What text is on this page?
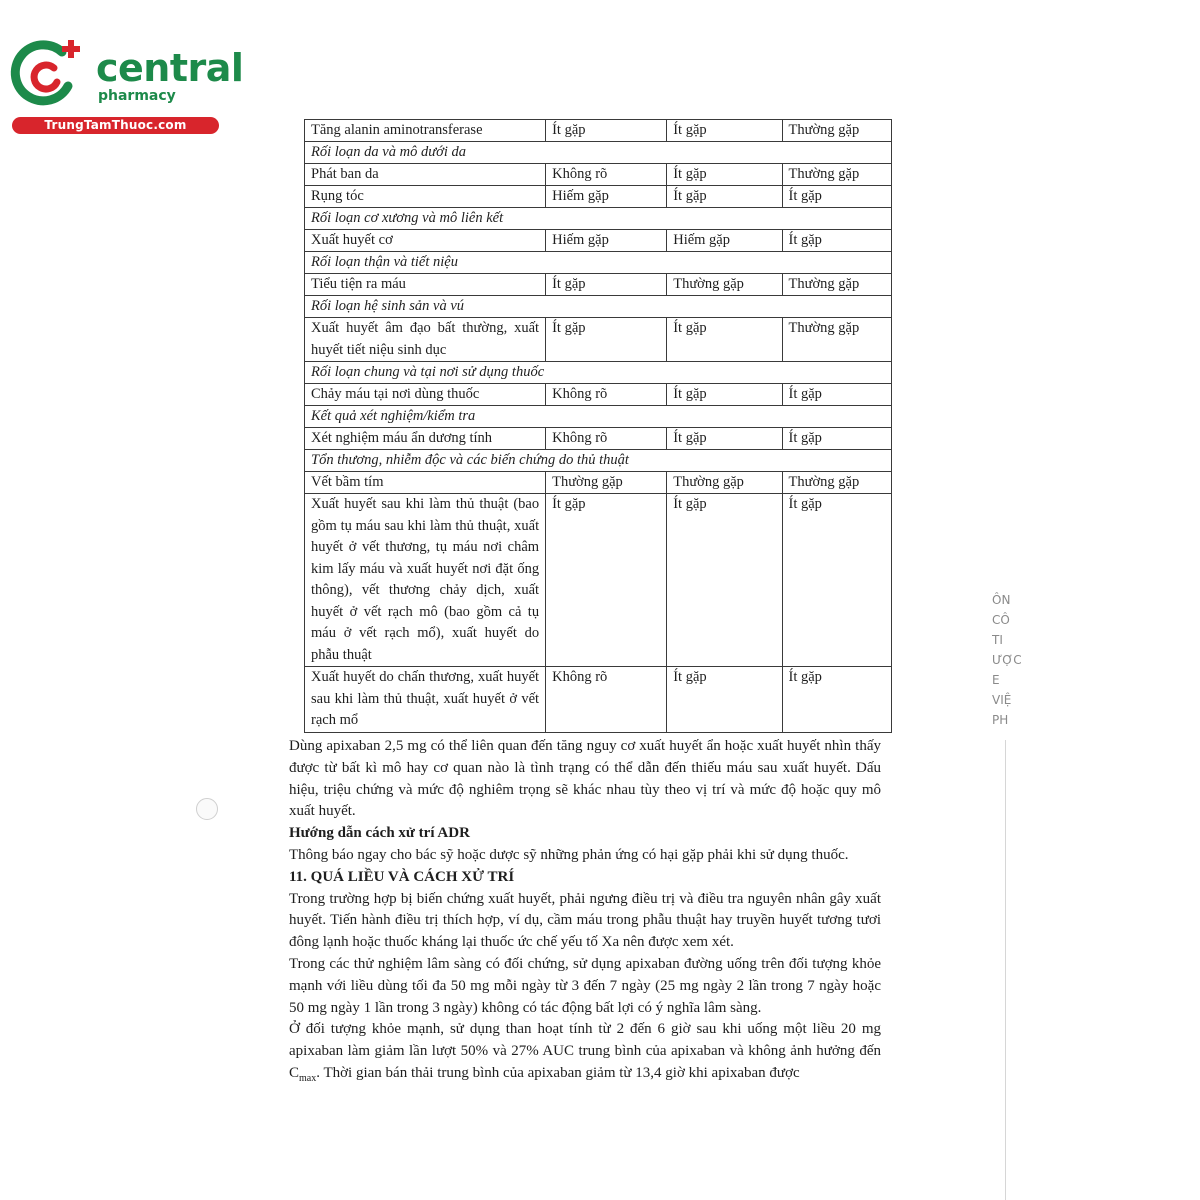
central
pharmacy
TrungTamThuoc.com	Tăng alanin aminotransferase	Ít gặp	Ít gặp	Thường gặp
Rối loạn da và mô dưới da			
Phát ban da	Không rõ	Ít gặp	Thường gặp
Rụng tóc	Hiếm gặp	Ít gặp	Ít gặp
Rối loạn cơ xương và mô liên kết			
Xuất huyết cơ	Hiếm gặp	Hiếm gặp	Ít gặp
Rối loạn thận và tiết niệu			
Tiểu tiện ra máu	Ít gặp	Thường gặp	Thường gặp
Rối loạn hệ sinh sản và vú			
Xuất huyết âm đạo bất thường, xuất huyết tiết niệu sinh dục	Ít gặp	Ít gặp	Thường gặp
Rối loạn chung và tại nơi sử dụng thuốc			
Chảy máu tại nơi dùng thuốc	Không rõ	Ít gặp	Ít gặp
Kết quả xét nghiệm/kiểm tra			
Xét nghiệm máu ẩn dương tính	Không rõ	Ít gặp	Ít gặp
Tổn thương, nhiễm độc và các biến chứng do thủ thuật			
Vết bầm tím	Thường gặp	Thường gặp	Thường gặp
Xuất huyết sau khi làm thủ thuật (bao gồm tụ máu sau khi làm thủ thuật, xuất huyết ở vết thương, tụ máu nơi châm kim lấy máu và xuất huyết nơi đặt ống thông), vết thương chảy dịch, xuất huyết ở vết rạch mô (bao gồm cả tụ máu ở vết rạch mổ), xuất huyết do phẫu thuật	Ít gặp	Ít gặp	Ít gặp
Xuất huyết do chấn thương, xuất huyết sau khi làm thủ thuật, xuất huyết ở vết rạch mổ	Không rõ	Ít gặp	Ít gặp

Dùng apixaban 2,5 mg có thể liên quan đến tăng nguy cơ xuất huyết ẩn hoặc xuất huyết nhìn thấy được từ bất kì mô hay cơ quan nào là tình trạng có thể dẫn đến thiếu máu sau xuất huyết. Dấu hiệu, triệu chứng và mức độ nghiêm trọng sẽ khác nhau tùy theo vị trí và mức độ hoặc quy mô xuất huyết.

Hướng dẫn cách xử trí ADR

Thông báo ngay cho bác sỹ hoặc dược sỹ những phản ứng có hại gặp phải khi sử dụng thuốc.

11. QUÁ LIỀU VÀ CÁCH XỬ TRÍ

Trong trường hợp bị biến chứng xuất huyết, phải ngưng điều trị và điều tra nguyên nhân gây xuất huyết. Tiến hành điều trị thích hợp, ví dụ, cầm máu trong phẫu thuật hay truyền huyết tương tươi đông lạnh hoặc thuốc kháng lại thuốc ức chế yếu tố Xa nên được xem xét.

Trong các thử nghiệm lâm sàng có đối chứng, sử dụng apixaban đường uống trên đối tượng khỏe mạnh với liều dùng tối đa 50 mg mỗi ngày từ 3 đến 7 ngày (25 mg ngày 2 lần trong 7 ngày hoặc 50 mg ngày 1 lần trong 3 ngày) không có tác động bất lợi có ý nghĩa lâm sàng.

Ở đối tượng khỏe mạnh, sử dụng than hoạt tính từ 2 đến 6 giờ sau khi uống một liều 20 mg apixaban làm giảm lần lượt 50% và 27% AUC trung bình của apixaban và không ảnh hưởng đến $C_{max}$. Thời gian bán thải trung bình của apixaban giảm từ 13,4 giờ khi apixaban được

ÔN
CÔ
TI
ƯỢC
E
VIỆ
PH
